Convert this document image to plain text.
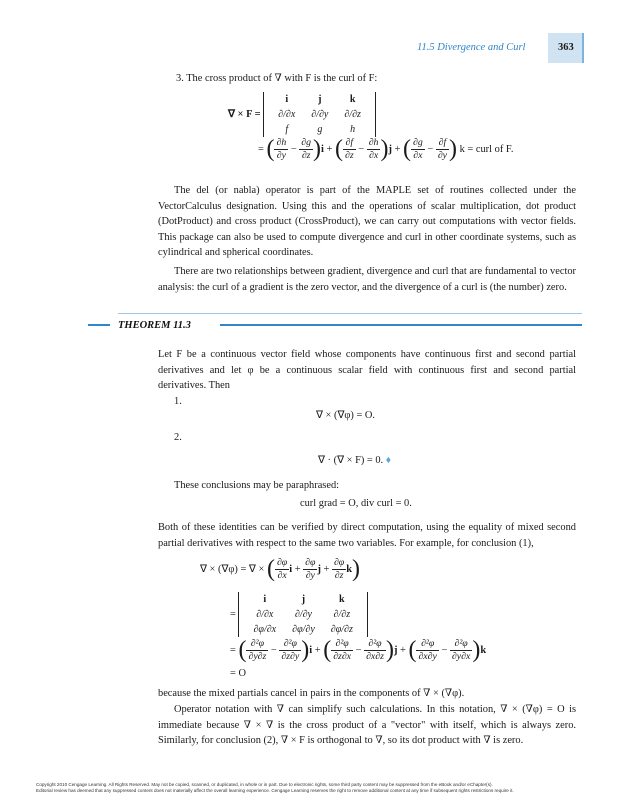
11.5 Divergence and Curl	363
3. The cross product of ∇ with F is the curl of F:
∇ × F =
i	j	k
∂/∂x	∂/∂y	∂/∂z
f	g	h
= ( $\frac{\partial h}{\partial y} - \frac{\partial g}{\partial z} )i$ + ( $\frac{\partial f}{\partial z} - \frac{\partial h}{\partial x} )j$ + ( $\frac{\partial g}{\partial x} - \frac{\partial f}{\partial y}$ ) k = curl of F.
The del (or nabla) operator is part of the MAPLE set of routines collected under the VectorCalculus designation. Using this and the operations of scalar multiplication, dot product (DotProduct) and cross product (CrossProduct), we can carry out computations with vector fields. This package can also be used to compute divergence and curl in other coordinate systems, such as cylindrical and spherical coordinates.
There are two relationships between gradient, divergence and curl that are fundamental to vector analysis: the curl of a gradient is the zero vector, and the divergence of a curl is (the number) zero.
THEOREM 11.3
Let F be a continuous vector field whose components have continuous first and second partial derivatives and let φ be a continuous scalar field with continuous first and second partial derivatives. Then
1.
∇ × (∇φ) = O.
2.
∇ · (∇ × F) = 0. ♦
These conclusions may be paraphrased:
curl grad = O, div curl = 0.
Both of these identities can be verified by direct computation, using the equality of mixed second partial derivatives with respect to the same two variables. For example, for conclusion (1),
∇ × (∇φ) = ∇ × ( $\frac{\partial\varphi}{\partial x}$ $i + \frac{\partial\varphi}{\partial y}$ $j + \frac{\partial\varphi}{\partial z} k$)
=
i	j	k
∂/∂x	∂/∂y	∂/∂z
∂φ/∂x	∂φ/∂y	∂φ/∂z
= ( $\frac{\text{∂²φ}}{\partial y\partial z} - \frac{\text{∂²φ}}{\partial z\partial y} )i$ + ( $\frac{\text{∂²φ}}{\partial z\partial x} - \frac{\text{∂²φ}}{\partial x\partial z} )j$ + ( $\frac{\text{∂²φ}}{\partial x\partial y} - \frac{\text{∂²φ}}{\partial y\partial x} )k$
= O
because the mixed partials cancel in pairs in the components of ∇ × (∇φ).
Operator notation with ∇ can simplify such calculations. In this notation, ∇ × (∇φ) = O is immediate because ∇ × ∇ is the cross product of a "vector" with itself, which is always zero. Similarly, for conclusion (2), ∇ × F is orthogonal to ∇, so its dot product with ∇ is zero.
Copyright 2010 Cengage Learning. All Rights Reserved. May not be copied, scanned, or duplicated, in whole or in part. Due to electronic rights, some third party content may be suppressed from the eBook and/or eChapter(s).
Editorial review has deemed that any suppressed content does not materially affect the overall learning experience. Cengage Learning reserves the right to remove additional content at any time if subsequent rights restrictions require it.
